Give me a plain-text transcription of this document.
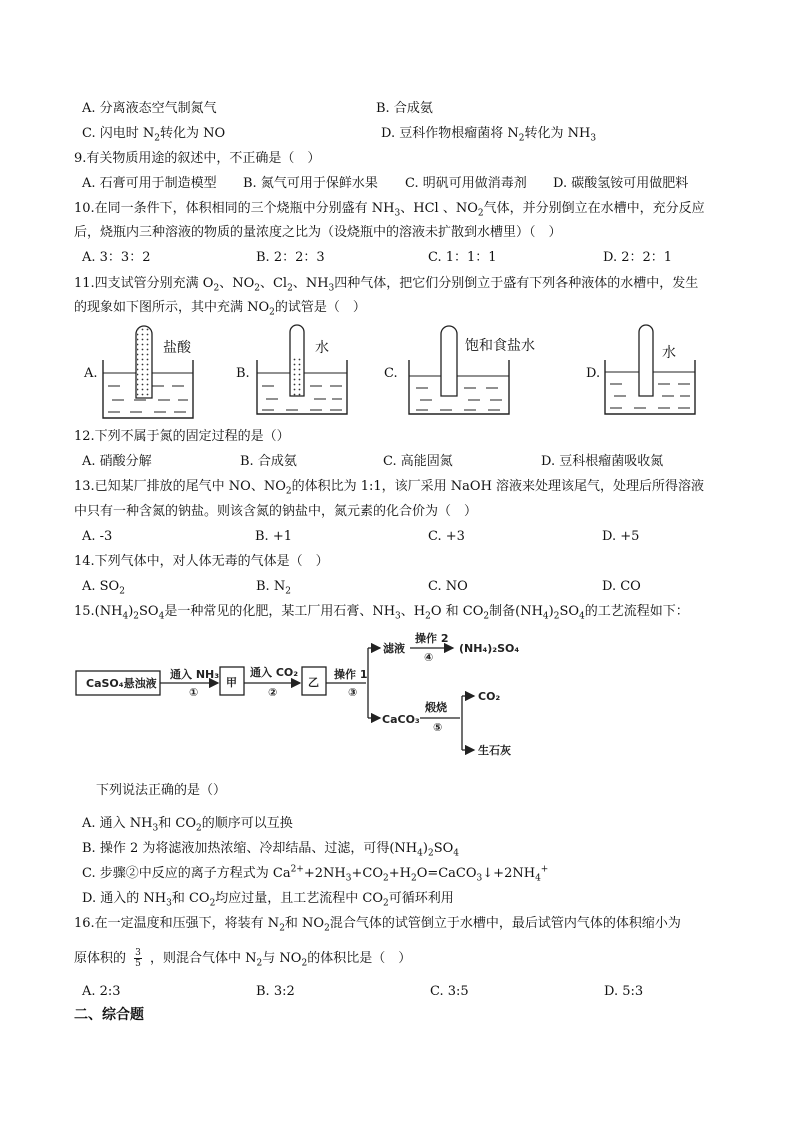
A. 分离液态空气制氮气	B. 合成氨
C. 闪电时 $N_2$转化为 NO	D. 豆科作物根瘤菌将 $N_2$转化为 $NH_3$
9.有关物质用途的叙述中，不正确是（　）
A. 石膏可用于制造模型 B. 氮气可用于保鲜水果 C. 明矾可用做消毒剂 D. 碳酸氢铵可用做肥料
10.在同一条件下，体积相同的三个烧瓶中分别盛有 $NH_3$、HCl 、$NO_2$气体，并分别倒立在水槽中，充分反应
后，烧瓶内三种溶液的物质的量浓度之比为（设烧瓶中的溶液未扩散到水槽里）（　）
A. 3：3：2	B. 2：2：3	C. 1：1：1	D. 2：2：1
11.四支试管分别充满 $O_2$、$NO_2$、$Cl_2$、$NH_3$四种气体，把它们分别倒立于盛有下列各种液体的水槽中，发生
的现象如下图所示，其中充满 $NO_2$的试管是（　）
A.	B.	C.	D.
盐酸	水	饱和食盐水	水
12.下列不属于氮的固定过程的是（）
A. 硝酸分解	B. 合成氨	C. 高能固氮	D. 豆科根瘤菌吸收氮
13.已知某厂排放的尾气中 NO、$NO_2$的体积比为 1:1，该厂采用 NaOH 溶液来处理该尾气，处理后所得溶液
中只有一种含氮的钠盐。则该含氮的钠盐中，氮元素的化合价为（　）
A. -3	B. +1	C. +3	D. +5
14.下列气体中，对人体无毒的气体是（　）
A. $SO_2$	B. $N_2$	C. NO	D. CO
$15.(NH_4)_2SO_4$是一种常见的化肥，某工厂用石膏、$NH_3$、$H_2O$ 和 $CO_2$制备$(NH_4)_2SO_4$的工艺流程如下：
CaSO₄悬浊液
通入 NH₃
①
甲
通入 CO₂
②
乙
操作 1
③
滤液
操作 2
④
(NH₄)₂SO₄
CaCO₃
煅烧
⑤
CO₂
生石灰
下列说法正确的是（）
A. 通入 $NH_3$和 $CO_2$的顺序可以互换
B. 操作 2 为将滤液加热浓缩、冷却结晶、过滤，可得$(NH_4)_2SO_4$
C. 步骤②中反应的离子方程式为 $Ca^{2+}+2NH_3+CO_2+H_2O=CaCO_3↓+2NH_4^+$
D. 通入的 $NH_3$和 $CO_2$均应过量，且工艺流程中 $CO_2$可循环利用
16.在一定温度和压强下，将装有 $N_2$和 $NO_2$混合气体的试管倒立于水槽中，最后试管内气体的体积缩小为
原体积的 $\frac{3}{5}$ ，则混合气体中 $N_2$与 $NO_2$的体积比是（　）
A. 2:3	B. 3:2	C. 3:5	D. 5:3
二、综合题
